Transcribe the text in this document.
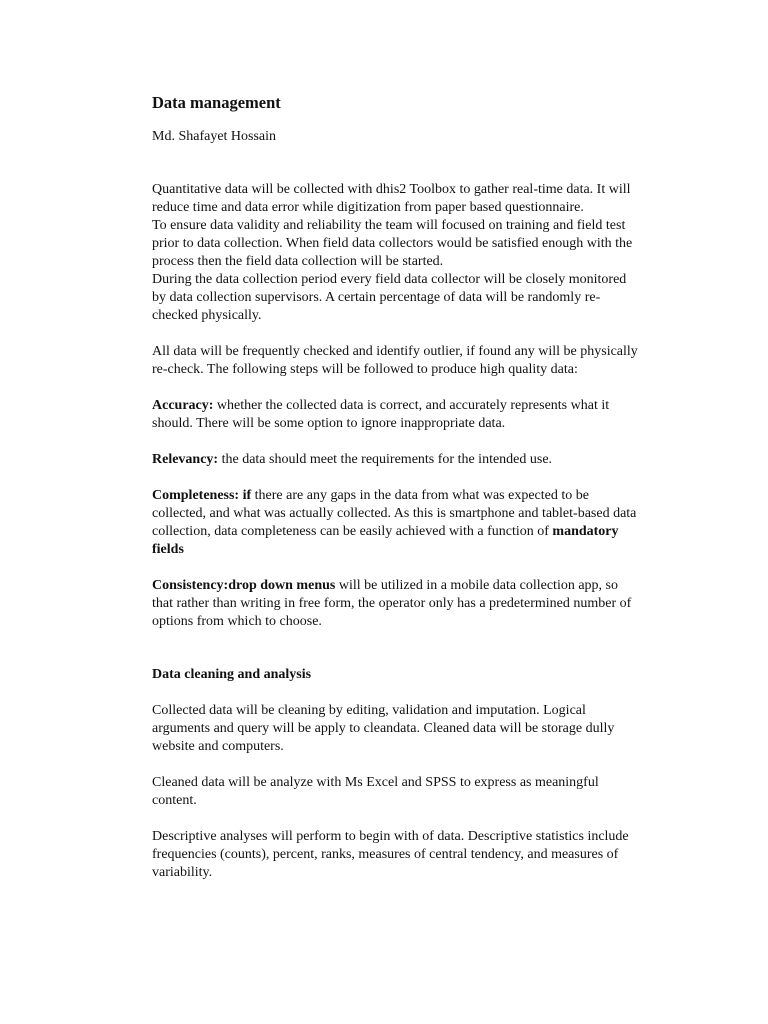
Data management
Md. Shafayet Hossain
Quantitative data will be collected with dhis2 Toolbox to gather real-time data. It will
reduce time and data error while digitization from paper based questionnaire.
To ensure data validity and reliability the team will focused on training and field test
prior to data collection. When field data collectors would be satisfied enough with the
process then the field data collection will be started.
During the data collection period every field data collector will be closely monitored
by data collection supervisors. A certain percentage of data will be randomly re-
checked physically.
All data will be frequently checked and identify outlier, if found any will be physically
re-check. The following steps will be followed to produce high quality data:
Accuracy: whether the collected data is correct, and accurately represents what it
should. There will be some option to ignore inappropriate data.
Relevancy: the data should meet the requirements for the intended use.
Completeness: if there are any gaps in the data from what was expected to be
collected, and what was actually collected. As this is smartphone and tablet-based data
collection, data completeness can be easily achieved with a function of mandatory
fields
Consistency:drop down menus will be utilized in a mobile data collection app, so
that rather than writing in free form, the operator only has a predetermined number of
options from which to choose.
Data cleaning and analysis
Collected data will be cleaning by editing, validation and imputation. Logical
arguments and query will be apply to cleandata. Cleaned data will be storage dully
website and computers.
Cleaned data will be analyze with Ms Excel and SPSS to express as meaningful
content.
Descriptive analyses will perform to begin with of data. Descriptive statistics include
frequencies (counts), percent, ranks, measures of central tendency, and measures of
variability.
